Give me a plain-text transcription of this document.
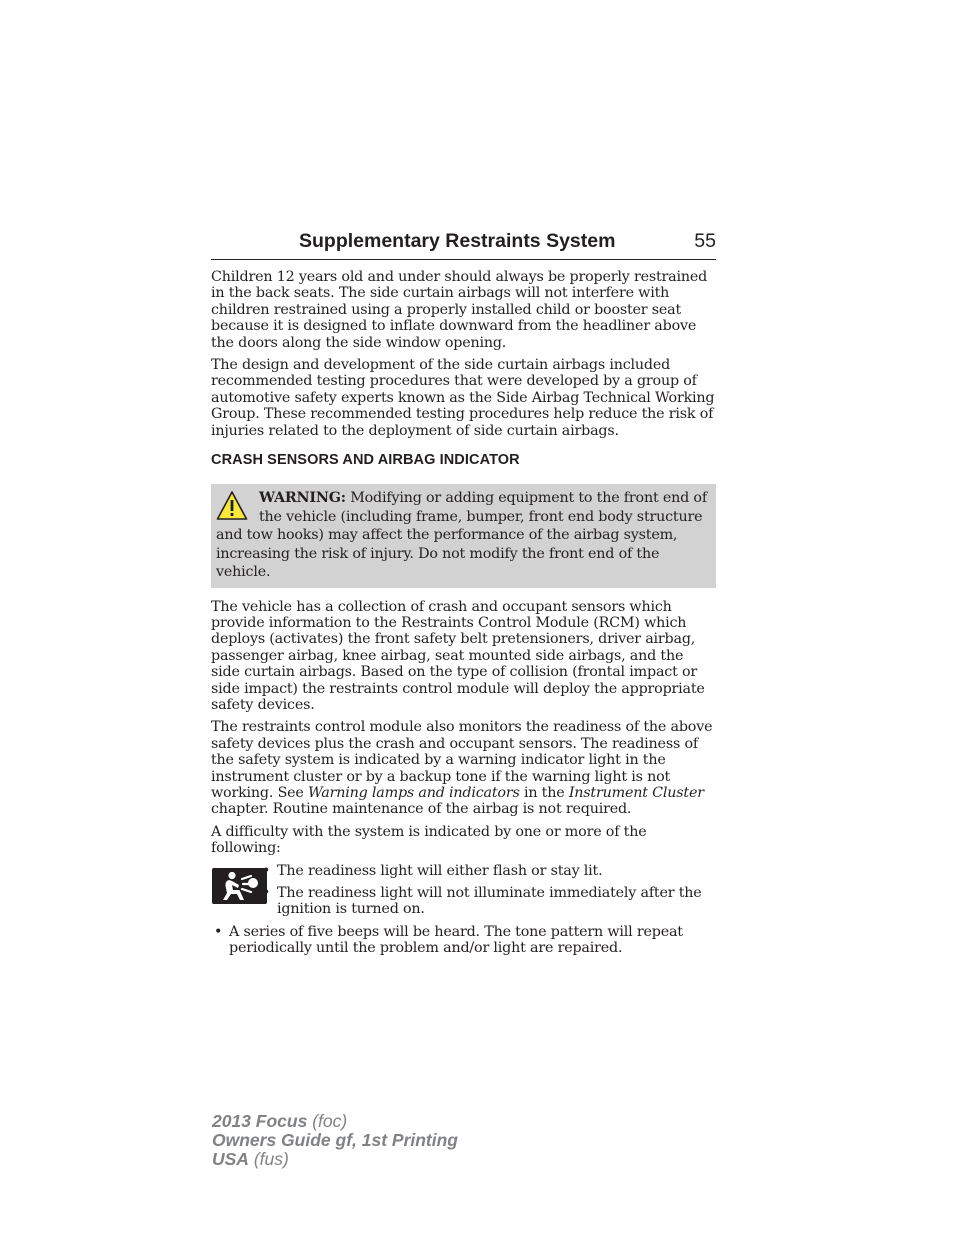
Supplementary Restraints System	55

Children 12 years old and under should always be properly restrained in the back seats. The side curtain airbags will not interfere with children restrained using a properly installed child or booster seat because it is designed to inflate downward from the headliner above the doors along the side window opening.

The design and development of the side curtain airbags included recommended testing procedures that were developed by a group of automotive safety experts known as the Side Airbag Technical Working Group. These recommended testing procedures help reduce the risk of injuries related to the deployment of side curtain airbags.

CRASH SENSORS AND AIRBAG INDICATOR
WARNING: Modifying or adding equipment to the front end of the vehicle (including frame, bumper, front end body structure and tow hooks) may affect the performance of the airbag system, increasing the risk of injury. Do not modify the front end of the vehicle.

The vehicle has a collection of crash and occupant sensors which provide information to the Restraints Control Module (RCM) which deploys (activates) the front safety belt pretensioners, driver airbag, passenger airbag, knee airbag, seat mounted side airbags, and the side curtain airbags. Based on the type of collision (frontal impact or side impact) the restraints control module will deploy the appropriate safety devices.

The restraints control module also monitors the readiness of the above safety devices plus the crash and occupant sensors. The readiness of the safety system is indicated by a warning indicator light in the instrument cluster or by a backup tone if the warning light is not working. See Warning lamps and indicators in the Instrument Cluster chapter. Routine maintenance of the airbag is not required.

A difficulty with the system is indicated by one or more of the following:

• The readiness light will either flash or stay lit.
• The readiness light will not illuminate immediately after the ignition is turned on.
• A series of five beeps will be heard. The tone pattern will repeat periodically until the problem and/or light are repaired.
2013 Focus (foc)
Owners Guide gf, 1st Printing
USA (fus)
